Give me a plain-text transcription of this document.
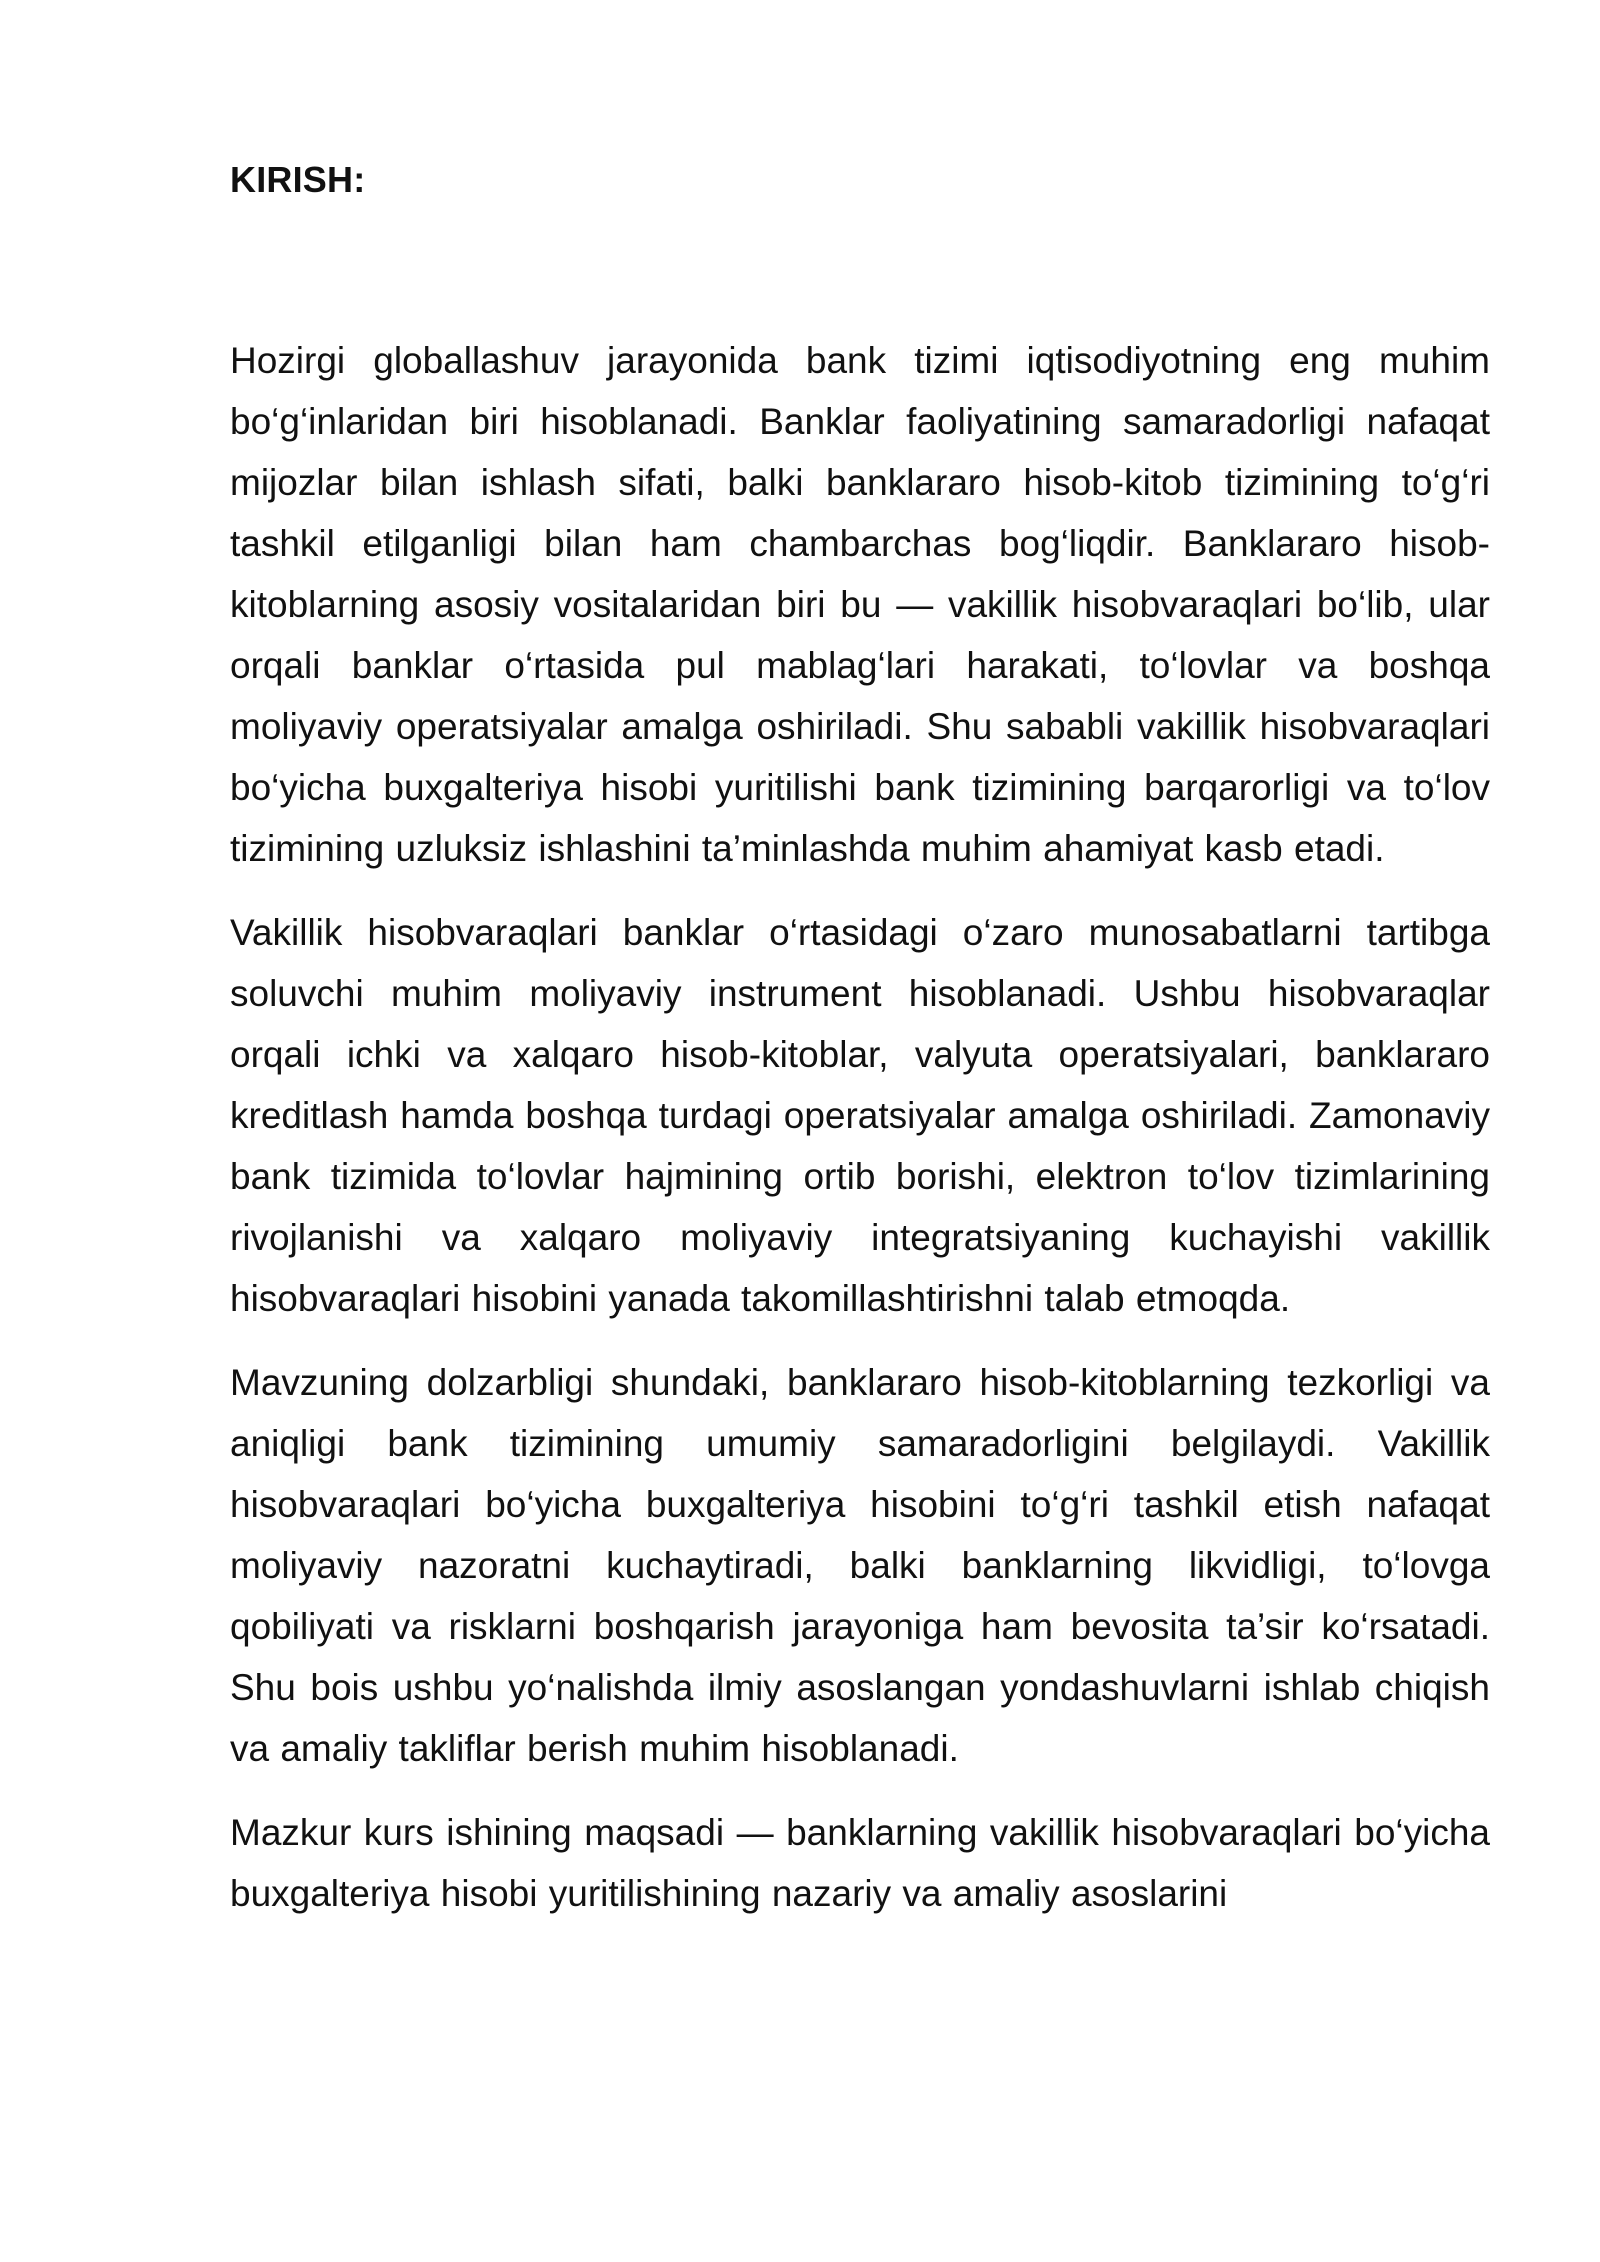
KIRISH:

Hozirgi globallashuv jarayonida bank tizimi iqtisodiyotning eng muhim bo‘g‘inlaridan biri hisoblanadi. Banklar faoliyatining samaradorligi nafaqat mijozlar bilan ishlash sifati, balki banklararo hisob-kitob tizimining to‘g‘ri tashkil etilganligi bilan ham chambarchas bog‘liqdir. Banklararo hisob-kitoblarning asosiy vositalaridan biri bu — vakillik hisobvaraqlari bo‘lib, ular orqali banklar o‘rtasida pul mablag‘lari harakati, to‘lovlar va boshqa moliyaviy operatsiyalar amalga oshiriladi. Shu sababli vakillik hisobvaraqlari bo‘yicha buxgalteriya hisobi yuritilishi bank tizimining barqarorligi va to‘lov tizimining uzluksiz ishlashini ta’minlashda muhim ahamiyat kasb etadi.

Vakillik hisobvaraqlari banklar o‘rtasidagi o‘zaro munosabatlarni tartibga soluvchi muhim moliyaviy instrument hisoblanadi. Ushbu hisobvaraqlar orqali ichki va xalqaro hisob-kitoblar, valyuta operatsiyalari, banklararo kreditlash hamda boshqa turdagi operatsiyalar amalga oshiriladi. Zamonaviy bank tizimida to‘lovlar hajmining ortib borishi, elektron to‘lov tizimlarining rivojlanishi va xalqaro moliyaviy integratsiyaning kuchayishi vakillik hisobvaraqlari hisobini yanada takomillashtirishni talab etmoqda.

Mavzuning dolzarbligi shundaki, banklararo hisob-kitoblarning tezkorligi va aniqligi bank tizimining umumiy samaradorligini belgilaydi. Vakillik hisobvaraqlari bo‘yicha buxgalteriya hisobini to‘g‘ri tashkil etish nafaqat moliyaviy nazoratni kuchaytiradi, balki banklarning likvidligi, to‘lovga qobiliyati va risklarni boshqarish jarayoniga ham bevosita ta’sir ko‘rsatadi. Shu bois ushbu yo‘nalishda ilmiy asoslangan yondashuvlarni ishlab chiqish va amaliy takliflar berish muhim hisoblanadi.

Mazkur kurs ishining maqsadi — banklarning vakillik hisobvaraqlari bo‘yicha buxgalteriya hisobi yuritilishining nazariy va amaliy asoslarini
